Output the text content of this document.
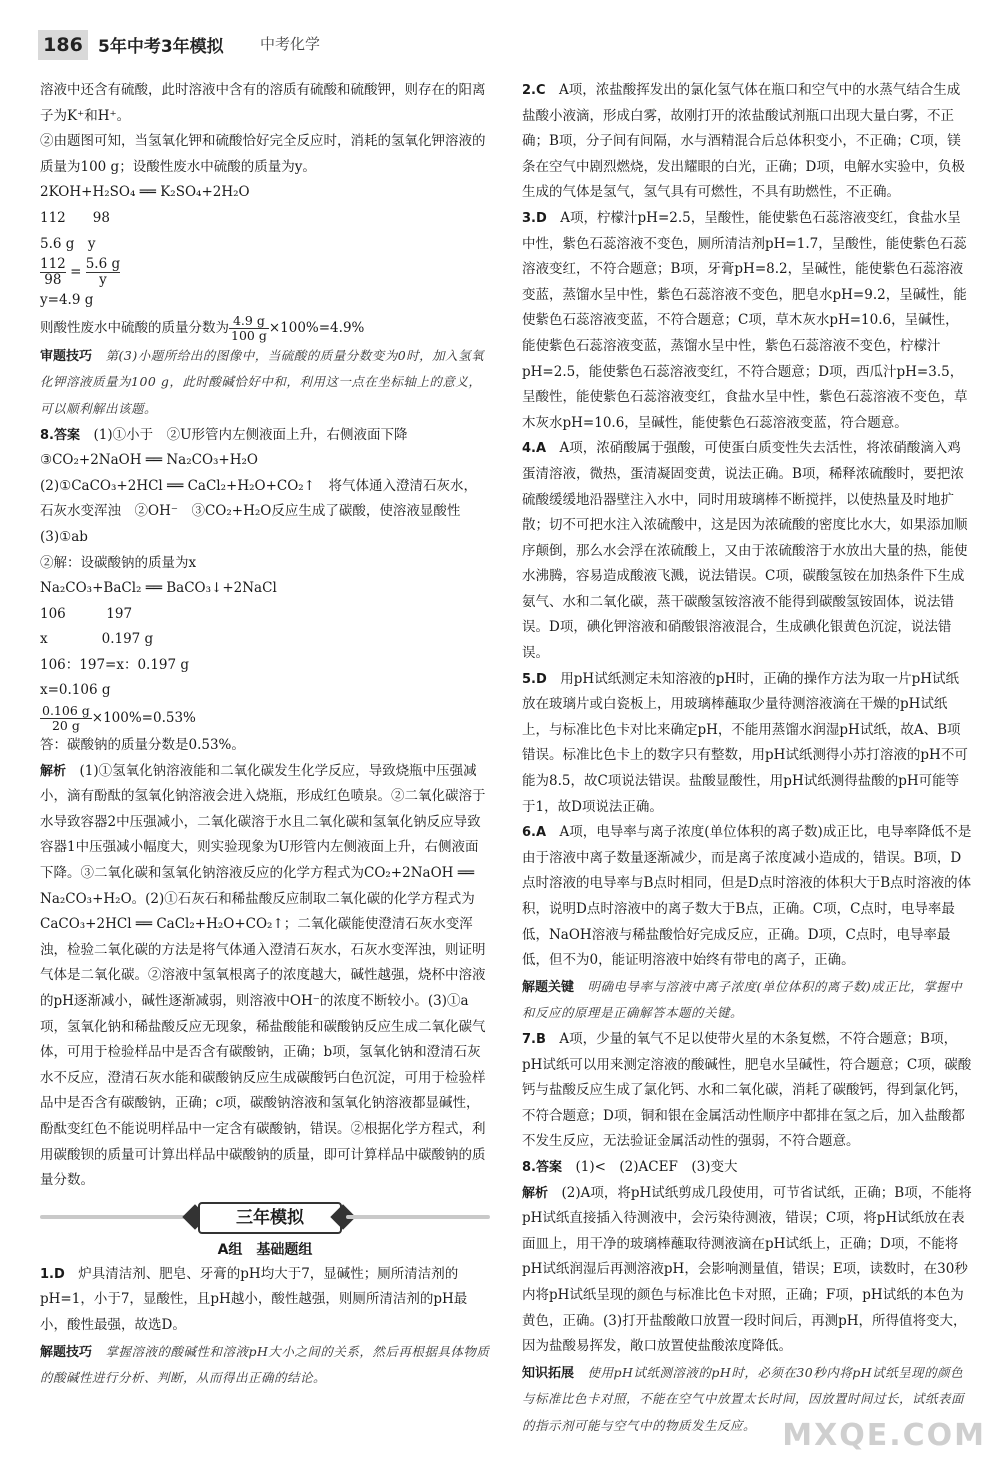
186 5年中考3年模拟 中考化学

溶液中还含有硫酸，此时溶液中含有的溶质有硫酸和硫酸钾，则存在的阳离子为K⁺和H⁺。

②由题图可知，当氢氧化钾和硫酸恰好完全反应时，消耗的氢氧化钾溶液的质量为100 g；设酸性废水中硫酸的质量为y。

2KOH+H₂SO₄ ══ K₂SO₄+2H₂O

112　　98

5.6 g　y

$\frac{112}{98} = \frac{5.6 g}{y}$

y=4.9 g

则酸性废水中硫酸的质量分数为 $\frac{4.9 g}{100 g} \times 100\%=4.9\%$

审题技巧　 第(3)小题所给出的图像中，当硫酸的质量分数变为0时，加入氢氧化钾溶液质量为100 g，此时酸碱恰好中和，利用这一点在坐标轴上的意义，可以顺利解出该题。

8.答案　 (1)①小于　②U形管内左侧液面上升，右侧液面下降

③CO₂+2NaOH ══ Na₂CO₃+H₂O

(2)①CaCO₃+2HCl ══ CaCl₂+H₂O+CO₂↑　将气体通入澄清石灰水，石灰水变浑浊　②OH⁻　③CO₂+H₂O反应生成了碳酸，使溶液显酸性

(3)①ab

②解：设碳酸钠的质量为x

Na₂CO₃+BaCl₂ ══ BaCO₃↓+2NaCl

106　　　197

x　　　　0.197 g

106：197=x：0.197 g

x=0.106 g

$\frac{0.106 g}{20 g} \times 100\%=0.53\%$

答：碳酸钠的质量分数是0.53%。

解析　 (1)①氢氧化钠溶液能和二氧化碳发生化学反应，导致烧瓶中压强减小，滴有酚酞的氢氧化钠溶液会进入烧瓶，形成红色喷泉。②二氧化碳溶于水导致容器2中压强减小，二氧化碳溶于水且二氧化碳和氢氧化钠反应导致容器1中压强减小幅度大，则实验现象为U形管内左侧液面上升，右侧液面下降。③二氧化碳和氢氧化钠溶液反应的化学方程式为CO₂+2NaOH ══ Na₂CO₃+H₂O。(2)①石灰石和稀盐酸反应制取二氧化碳的化学方程式为CaCO₃+2HCl ══ CaCl₂+H₂O+CO₂↑；二氧化碳能使澄清石灰水变浑浊，检验二氧化碳的方法是将气体通入澄清石灰水，石灰水变浑浊，则证明气体是二氧化碳。②溶液中氢氧根离子的浓度越大，碱性越强，烧杯中溶液的pH逐渐减小，碱性逐渐减弱，则溶液中OH⁻的浓度不断较小。(3)①a项，氢氧化钠和稀盐酸反应无现象，稀盐酸能和碳酸钠反应生成二氧化碳气体，可用于检验样品中是否含有碳酸钠，正确；b项，氢氧化钠和澄清石灰水不反应，澄清石灰水能和碳酸钠反应生成碳酸钙白色沉淀，可用于检验样品中是否含有碳酸钠，正确；c项，碳酸钠溶液和氢氧化钠溶液都显碱性，酚酞变红色不能说明样品中一定含有碳酸钠，错误。②根据化学方程式，利用碳酸钡的质量可计算出样品中碳酸钠的质量，即可计算样品中碳酸钠的质量分数。

三年模拟
A组　基础题组

1.D　 炉具清洁剂、肥皂、牙膏的pH均大于7，显碱性；厕所清洁剂的pH=1，小于7，显酸性，且pH越小，酸性越强，则厕所清洁剂的pH最小，酸性最强，故选D。

解题技巧　 掌握溶液的酸碱性和溶液pH大小之间的关系，然后再根据具体物质的酸碱性进行分析、判断，从而得出正确的结论。

2.C　 A项，浓盐酸挥发出的氯化氢气体在瓶口和空气中的水蒸气结合生成盐酸小液滴，形成白雾，故刚打开的浓盐酸试剂瓶口出现大量白雾，不正确；B项，分子间有间隔，水与酒精混合后总体积变小，不正确；C项，镁条在空气中剧烈燃烧，发出耀眼的白光，正确；D项，电解水实验中，负极生成的气体是氢气，氢气具有可燃性，不具有助燃性，不正确。

3.D　 A项，柠檬汁pH=2.5，呈酸性，能使紫色石蕊溶液变红，食盐水呈中性，紫色石蕊溶液不变色，厕所清洁剂pH=1.7，呈酸性，能使紫色石蕊溶液变红，不符合题意；B项，牙膏pH=8.2，呈碱性，能使紫色石蕊溶液变蓝，蒸馏水呈中性，紫色石蕊溶液不变色，肥皂水pH=9.2，呈碱性，能使紫色石蕊溶液变蓝，不符合题意；C项，草木灰水pH=10.6，呈碱性，能使紫色石蕊溶液变蓝，蒸馏水呈中性，紫色石蕊溶液不变色，柠檬汁pH=2.5，能使紫色石蕊溶液变红，不符合题意；D项，西瓜汁pH=3.5，呈酸性，能使紫色石蕊溶液变红，食盐水呈中性，紫色石蕊溶液不变色，草木灰水pH=10.6，呈碱性，能使紫色石蕊溶液变蓝，符合题意。

4.A　 A项，浓硝酸属于强酸，可使蛋白质变性失去活性，将浓硝酸滴入鸡蛋清溶液，微热，蛋清凝固变黄，说法正确。B项，稀释浓硫酸时，要把浓硫酸缓缓地沿器壁注入水中，同时用玻璃棒不断搅拌，以使热量及时地扩散；切不可把水注入浓硫酸中，这是因为浓硫酸的密度比水大，如果添加顺序颠倒，那么水会浮在浓硫酸上，又由于浓硫酸溶于水放出大量的热，能使水沸腾，容易造成酸液飞溅，说法错误。C项，碳酸氢铵在加热条件下生成氨气、水和二氧化碳，蒸干碳酸氢铵溶液不能得到碳酸氢铵固体，说法错误。D项，碘化钾溶液和硝酸银溶液混合，生成碘化银黄色沉淀，说法错误。

5.D　 用pH试纸测定未知溶液的pH时，正确的操作方法为取一片pH试纸放在玻璃片或白瓷板上，用玻璃棒蘸取少量待测溶液滴在干燥的pH试纸上，与标准比色卡对比来确定pH，不能用蒸馏水润湿pH试纸，故A、B项错误。标准比色卡上的数字只有整数，用pH试纸测得小苏打溶液的pH不可能为8.5，故C项说法错误。盐酸显酸性，用pH试纸测得盐酸的pH可能等于1，故D项说法正确。

6.A　 A项，电导率与离子浓度(单位体积的离子数)成正比，电导率降低不是由于溶液中离子数量逐渐减少，而是离子浓度减小造成的，错误。B项，D点时溶液的电导率与B点时相同，但是D点时溶液的体积大于B点时溶液的体积，说明D点时溶液中的离子数大于B点，正确。C项，C点时，电导率最低，NaOH溶液与稀盐酸恰好完成反应，正确。D项，C点时，电导率最低，但不为0，能证明溶液中始终有带电的离子，正确。

解题关键　 明确电导率与溶液中离子浓度(单位体积的离子数)成正比，掌握中和反应的原理是正确解答本题的关键。

7.B　 A项，少量的氧气不足以使带火星的木条复燃，不符合题意；B项，pH试纸可以用来测定溶液的酸碱性，肥皂水呈碱性，符合题意；C项，碳酸钙与盐酸反应生成了氯化钙、水和二氧化碳，消耗了碳酸钙，得到氯化钙，不符合题意；D项，铜和银在金属活动性顺序中都排在氢之后，加入盐酸都不发生反应，无法验证金属活动性的强弱，不符合题意。

8.答案　 (1)<　(2)ACEF　(3)变大

解析　 (2)A项，将pH试纸剪成几段使用，可节省试纸，正确；B项，不能将pH试纸直接插入待测液中，会污染待测液，错误；C项，将pH试纸放在表面皿上，用干净的玻璃棒蘸取待测液滴在pH试纸上，正确；D项，不能将pH试纸润湿后再测溶液pH，会影响测量值，错误；E项，读数时，在30秒内将pH试纸呈现的颜色与标准比色卡对照，正确；F项，pH试纸的本色为黄色，正确。(3)打开盐酸敞口放置一段时间后，再测pH，所得值将变大，因为盐酸易挥发，敞口放置使盐酸浓度降低。

知识拓展　 使用pH试纸测溶液的pH时，必须在30秒内将pH试纸呈现的颜色与标准比色卡对照，不能在空气中放置太长时间，因放置时间过长，试纸表面的指示剂可能与空气中的物质发生反应。 MXQE.COM
